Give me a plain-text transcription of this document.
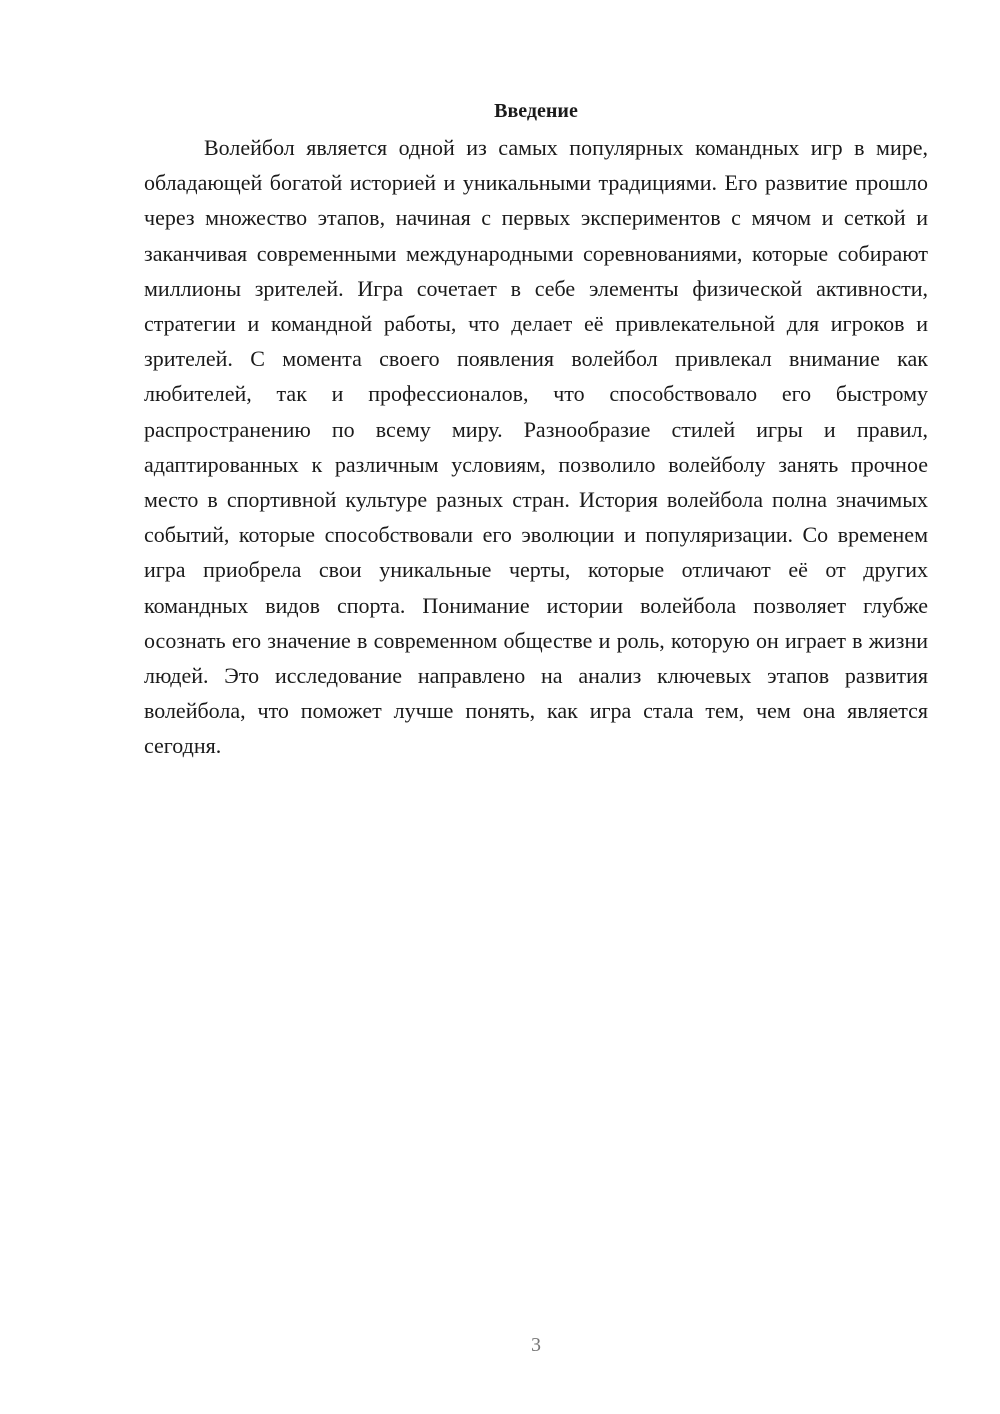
Введение

Волейбол является одной из самых популярных командных игр в мире, обладающей богатой историей и уникальными традициями. Его развитие прошло через множество этапов, начиная с первых экспериментов с мячом и сеткой и заканчивая современными международными соревнованиями, которые собирают миллионы зрителей. Игра сочетает в себе элементы физической активности, стратегии и командной работы, что делает её привлекательной для игроков и зрителей. С момента своего появления волейбол привлекал внимание как любителей, так и профессионалов, что способствовало его быстрому распространению по всему миру. Разнообразие стилей игры и правил, адаптированных к различным условиям, позволило волейболу занять прочное место в спортивной культуре разных стран. История волейбола полна значимых событий, которые способствовали его эволюции и популяризации. Со временем игра приобрела свои уникальные черты, которые отличают её от других командных видов спорта. Понимание истории волейбола позволяет глубже осознать его значение в современном обществе и роль, которую он играет в жизни людей. Это исследование направлено на анализ ключевых этапов развития волейбола, что поможет лучше понять, как игра стала тем, чем она является сегодня.

3
